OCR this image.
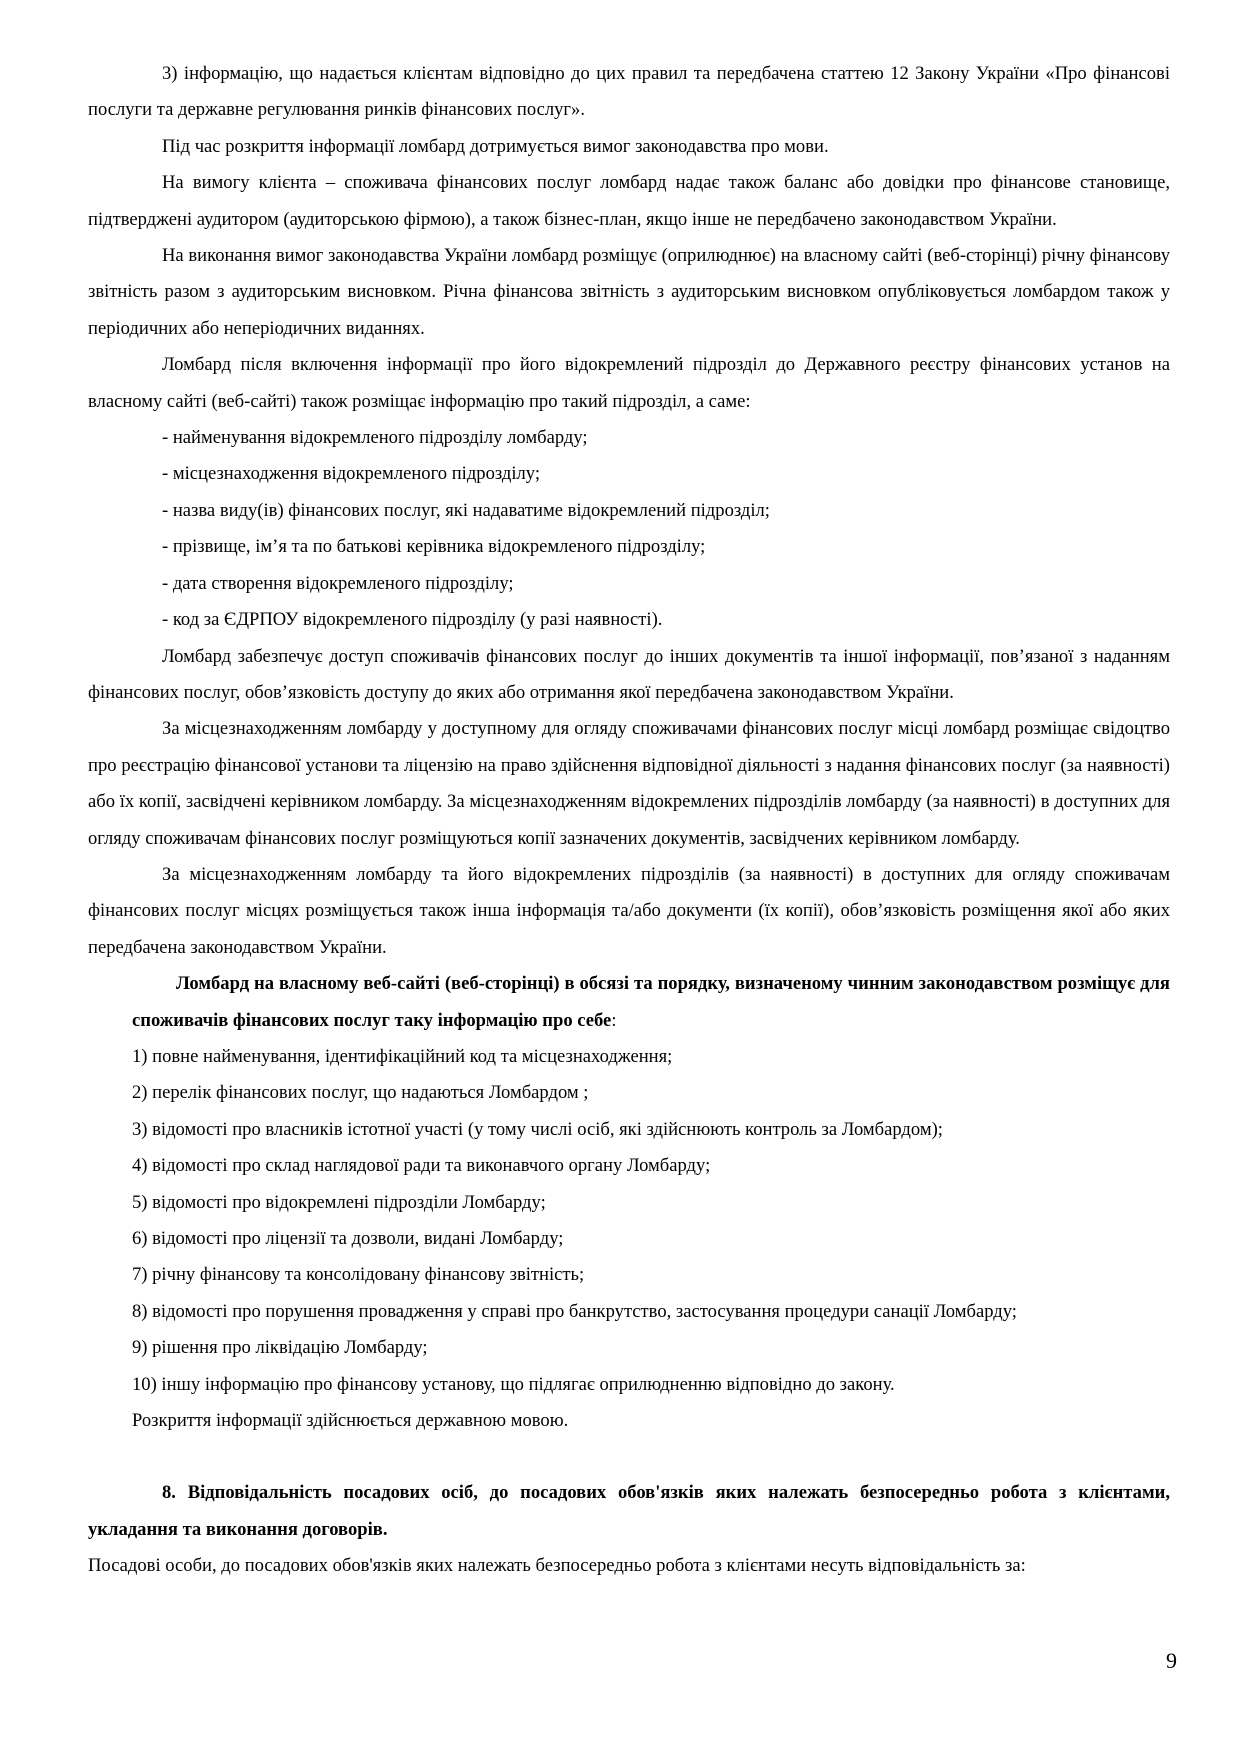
3) інформацію, що надається клієнтам відповідно до цих правил та передбачена статтею 12 Закону України «Про фінансові послуги та державне регулювання ринків фінансових послуг».

Під час розкриття інформації ломбард дотримується вимог законодавства про мови.

На вимогу клієнта – споживача фінансових послуг ломбард надає також баланс або довідки про фінансове становище, підтверджені аудитором (аудиторською фірмою), а також бізнес-план, якщо інше не передбачено законодавством України.

На виконання вимог законодавства України ломбард розміщує (оприлюднює) на власному сайті (веб-сторінці) річну фінансову звітність разом з аудиторським висновком. Річна фінансова звітність з аудиторським висновком опубліковується ломбардом також у періодичних або неперіодичних виданнях.

Ломбард після включення інформації про його відокремлений підрозділ до Державного реєстру фінансових установ на власному сайті (веб-сайті) також розміщає інформацію про такий підрозділ, а саме:

- найменування відокремленого підрозділу ломбарду;

- місцезнаходження відокремленого підрозділу;

- назва виду(ів) фінансових послуг, які надаватиме відокремлений підрозділ;

- прізвище, ім’я та по батькові керівника відокремленого підрозділу;

- дата створення відокремленого підрозділу;

- код за ЄДРПОУ відокремленого підрозділу (у разі наявності).

Ломбард забезпечує доступ споживачів фінансових послуг до інших документів та іншої інформації, пов’язаної з наданням фінансових послуг, обов’язковість доступу до яких або отримання якої передбачена законодавством України.

За місцезнаходженням ломбарду у доступному для огляду споживачами фінансових послуг місці ломбард розміщає свідоцтво про реєстрацію фінансової установи та ліцензію на право здійснення відповідної діяльності з надання фінансових послуг (за наявності) або їх копії, засвідчені керівником ломбарду. За місцезнаходженням відокремлених підрозділів ломбарду (за наявності) в доступних для огляду споживачам фінансових послуг розміщуються копії зазначених документів, засвідчених керівником ломбарду.

За місцезнаходженням ломбарду та його відокремлених підрозділів (за наявності) в доступних для огляду споживачам фінансових послуг місцях розміщується також інша інформація та/або документи (їх копії), обов’язковість розміщення якої або яких передбачена законодавством України.

Ломбард на власному веб-сайті (веб-сторінці) в обсязі та порядку, визначеному чинним законодавством розміщує для споживачів фінансових послуг таку інформацію про себе:

1) повне найменування, ідентифікаційний код та місцезнаходження;

2) перелік фінансових послуг, що надаються Ломбардом ;

3) відомості про власників істотної участі (у тому числі осіб, які здійснюють контроль за Ломбардом);

4) відомості про склад наглядової ради та виконавчого органу Ломбарду;

5) відомості про відокремлені підрозділи Ломбарду;

6) відомості про ліцензії та дозволи, видані Ломбарду;

7) річну фінансову та консолідовану фінансову звітність;

8) відомості про порушення провадження у справі про банкрутство, застосування процедури санації Ломбарду;

9) рішення про ліквідацію Ломбарду;

10) іншу інформацію про фінансову установу, що підлягає оприлюдненню відповідно до закону.

Розкриття інформації здійснюється державною мовою.

8. Відповідальність посадових осіб, до посадових обов'язків яких належать безпосередньо робота з клієнтами, укладання та виконання договорів.

Посадові особи, до посадових обов'язків яких належать безпосередньо робота з клієнтами несуть відповідальність за:

9
